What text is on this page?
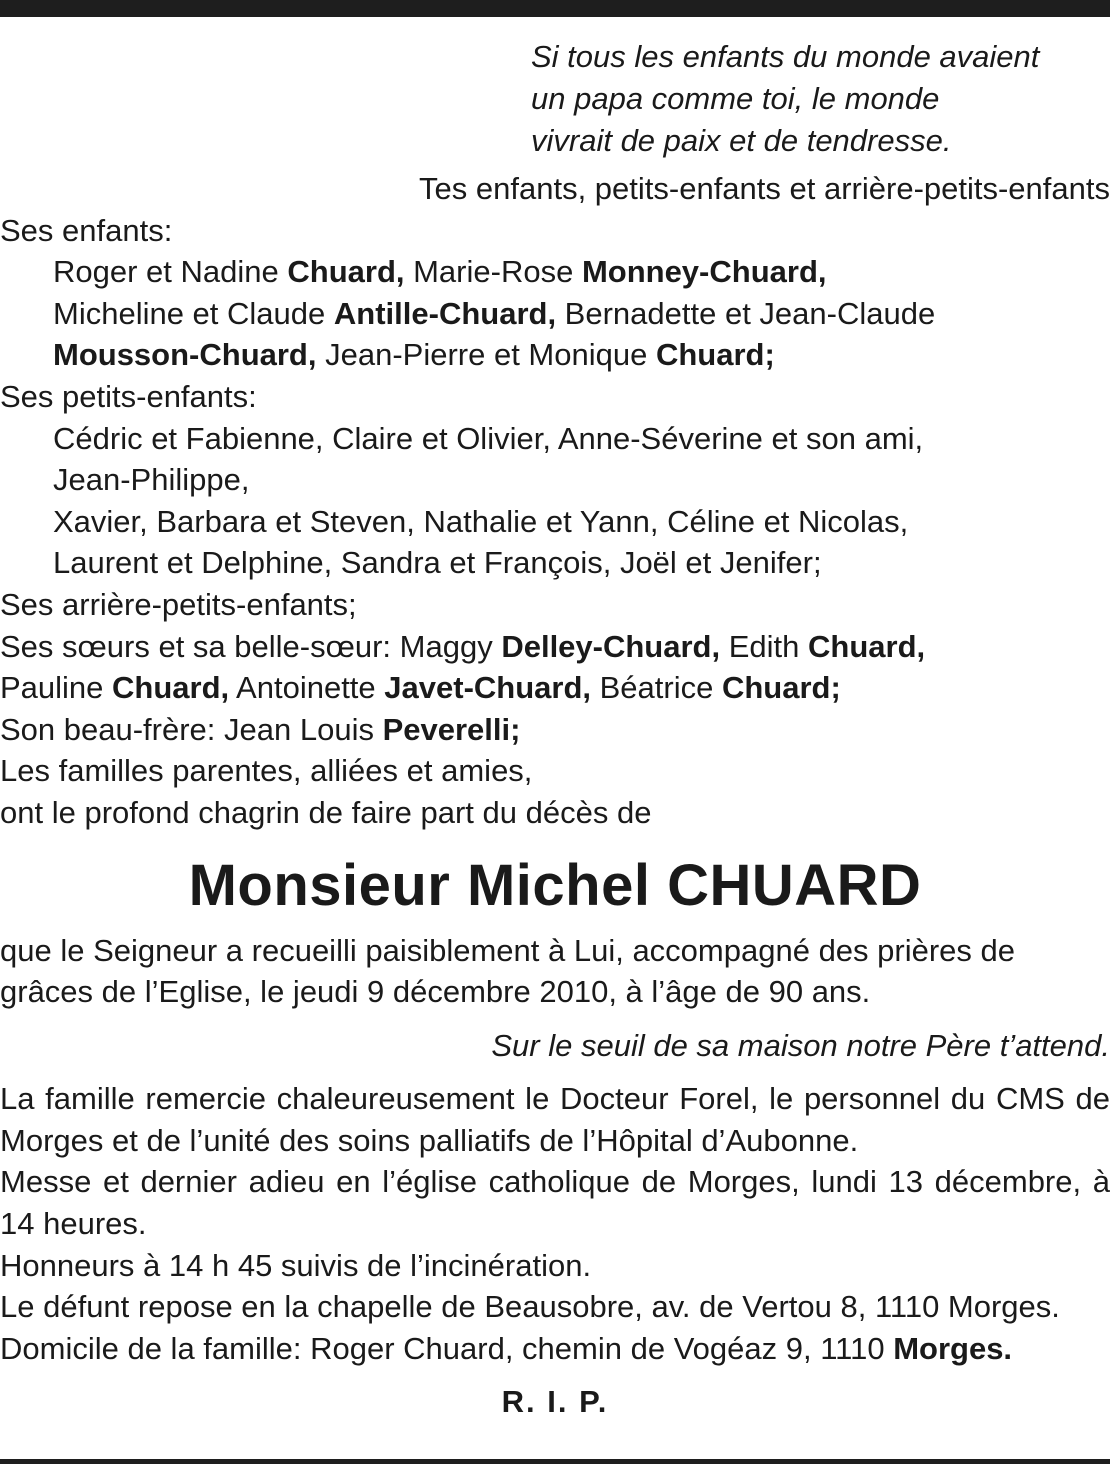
Si tous les enfants du monde avaient
un papa comme toi, le monde
vivrait de paix et de tendresse.
Tes enfants, petits-enfants et arrière-petits-enfants
Ses enfants:
Roger et Nadine Chuard, Marie-Rose Monney-Chuard,
Micheline et Claude Antille-Chuard, Bernadette et Jean-Claude
Mousson-Chuard, Jean-Pierre et Monique Chuard;
Ses petits-enfants:
Cédric et Fabienne, Claire et Olivier, Anne-Séverine et son ami,
Jean-Philippe,
Xavier, Barbara et Steven, Nathalie et Yann, Céline et Nicolas,
Laurent et Delphine, Sandra et François, Joël et Jenifer;
Ses arrière-petits-enfants;
Ses sœurs et sa belle-sœur: Maggy Delley-Chuard, Edith Chuard,
Pauline Chuard, Antoinette Javet-Chuard, Béatrice Chuard;
Son beau-frère: Jean Louis Peverelli;
Les familles parentes, alliées et amies,
ont le profond chagrin de faire part du décès de
Monsieur Michel CHUARD
que le Seigneur a recueilli paisiblement à Lui, accompagné des prières de
grâces de l’Eglise, le jeudi 9 décembre 2010, à l’âge de 90 ans.
Sur le seuil de sa maison notre Père t’attend.
La famille remercie chaleureusement le Docteur Forel, le personnel du CMS de Morges et de l’unité des soins palliatifs de l’Hôpital d’Aubonne.
Messe et dernier adieu en l’église catholique de Morges, lundi 13 décembre, à 14 heures.
Honneurs à 14 h 45 suivis de l’incinération.
Le défunt repose en la chapelle de Beausobre, av. de Vertou 8, 1110 Morges.
Domicile de la famille: Roger Chuard, chemin de Vogéaz 9, 1110 Morges.
R. I. P.
